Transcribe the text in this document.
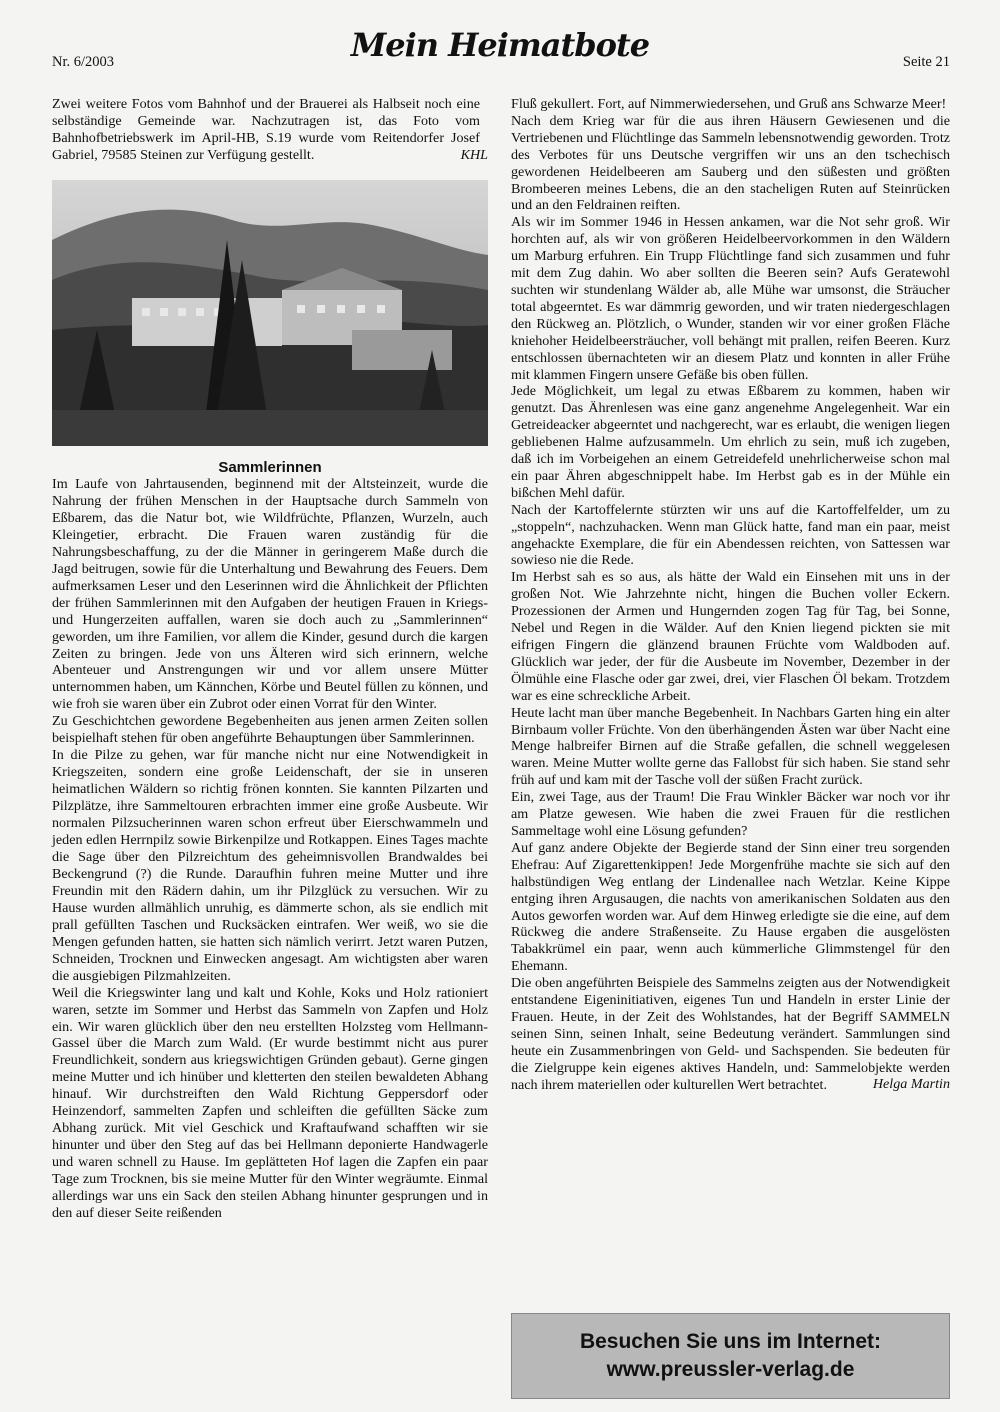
Nr. 6/2003	Mein Heimatbote	Seite 21
Zwei weitere Fotos vom Bahnhof und der Brauerei als Halbseit noch eine selbständige Gemeinde war. Nachzutragen ist, das Foto vom Bahnhofbetriebswerk im April-HB, S.19 wurde vom Reitendorfer Josef Gabriel, 79585 Steinen zur Verfügung gestellt.	KHL
Sammlerinnen

Im Laufe von Jahrtausenden, beginnend mit der Altsteinzeit, wurde die Nahrung der frühen Menschen in der Hauptsache durch Sammeln von Eßbarem, das die Natur bot, wie Wildfrüchte, Pflanzen, Wurzeln, auch Kleingetier, erbracht. Die Frauen waren zuständig für die Nahrungsbeschaffung, zu der die Männer in geringerem Maße durch die Jagd beitrugen, sowie für die Unterhaltung und Bewahrung des Feuers. Dem aufmerksamen Leser und den Leserinnen wird die Ähnlichkeit der Pflichten der frühen Sammlerinnen mit den Aufgaben der heutigen Frauen in Kriegs- und Hungerzeiten auffallen, waren sie doch auch zu „Sammlerinnen“ geworden, um ihre Familien, vor allem die Kinder, gesund durch die kargen Zeiten zu bringen. Jede von uns Älteren wird sich erinnern, welche Abenteuer und Anstrengungen wir und vor allem unsere Mütter unternommen haben, um Kännchen, Körbe und Beutel füllen zu können, und wie froh sie waren über ein Zubrot oder einen Vorrat für den Winter.

Zu Geschichtchen gewordene Begebenheiten aus jenen armen Zeiten sollen beispielhaft stehen für oben angeführte Behauptungen über Sammlerinnen.

In die Pilze zu gehen, war für manche nicht nur eine Notwendigkeit in Kriegszeiten, sondern eine große Leidenschaft, der sie in unseren heimatlichen Wäldern so richtig frönen konnten. Sie kannten Pilzarten und Pilzplätze, ihre Sammeltouren erbrachten immer eine große Ausbeute. Wir normalen Pilzsucherinnen waren schon erfreut über Eierschwammeln und jeden edlen Herrnpilz sowie Birkenpilze und Rotkappen. Eines Tages machte die Sage über den Pilzreichtum des geheimnisvollen Brandwaldes bei Beckengrund (?) die Runde. Daraufhin fuhren meine Mutter und ihre Freundin mit den Rädern dahin, um ihr Pilzglück zu versuchen. Wir zu Hause wurden allmählich unruhig, es dämmerte schon, als sie endlich mit prall gefüllten Taschen und Rucksäcken eintrafen. Wer weiß, wo sie die Mengen gefunden hatten, sie hatten sich nämlich verirrt. Jetzt waren Putzen, Schneiden, Trocknen und Einwecken angesagt. Am wichtigsten aber waren die ausgiebigen Pilzmahlzeiten.

Weil die Kriegswinter lang und kalt und Kohle, Koks und Holz rationiert waren, setzte im Sommer und Herbst das Sammeln von Zapfen und Holz ein. Wir waren glücklich über den neu erstellten Holzsteg vom Hellmann-Gassel über die March zum Wald. (Er wurde bestimmt nicht aus purer Freundlichkeit, sondern aus kriegswichtigen Gründen gebaut). Gerne gingen meine Mutter und ich hinüber und kletterten den steilen bewaldeten Abhang hinauf. Wir durchstreiften den Wald Richtung Geppersdorf oder Heinzendorf, sammelten Zapfen und schleiften die gefüllten Säcke zum Abhang zurück. Mit viel Geschick und Kraftaufwand schafften wir sie hinunter und über den Steg auf das bei Hellmann deponierte Handwagerle und waren schnell zu Hause. Im geplätteten Hof lagen die Zapfen ein paar Tage zum Trocknen, bis sie meine Mutter für den Winter wegräumte. Einmal allerdings war uns ein Sack den steilen Abhang hinunter gesprungen und in den auf dieser Seite reißenden

Fluß gekullert. Fort, auf Nimmerwiedersehen, und Gruß ans Schwarze Meer!

Nach dem Krieg war für die aus ihren Häusern Gewiesenen und die Vertriebenen und Flüchtlinge das Sammeln lebensnotwendig geworden. Trotz des Verbotes für uns Deutsche vergriffen wir uns an den tschechisch gewordenen Heidelbeeren am Sauberg und den süßesten und größten Brombeeren meines Lebens, die an den stacheligen Ruten auf Steinrücken und an den Feldrainen reiften.

Als wir im Sommer 1946 in Hessen ankamen, war die Not sehr groß. Wir horchten auf, als wir von größeren Heidelbeervorkommen in den Wäldern um Marburg erfuhren. Ein Trupp Flüchtlinge fand sich zusammen und fuhr mit dem Zug dahin. Wo aber sollten die Beeren sein? Aufs Geratewohl suchten wir stundenlang Wälder ab, alle Mühe war umsonst, die Sträucher total abgeerntet. Es war dämmrig geworden, und wir traten niedergeschlagen den Rückweg an. Plötzlich, o Wunder, standen wir vor einer großen Fläche kniehoher Heidelbeersträucher, voll behängt mit prallen, reifen Beeren. Kurz entschlossen übernachteten wir an diesem Platz und konnten in aller Frühe mit klammen Fingern unsere Gefäße bis oben füllen.

Jede Möglichkeit, um legal zu etwas Eßbarem zu kommen, haben wir genutzt. Das Ährenlesen was eine ganz angenehme Angelegenheit. War ein Getreideacker abgeerntet und nachgerecht, war es erlaubt, die wenigen liegen gebliebenen Halme aufzusammeln. Um ehrlich zu sein, muß ich zugeben, daß ich im Vorbeigehen an einem Getreidefeld unehrlicherweise schon mal ein paar Ähren abgeschnippelt habe. Im Herbst gab es in der Mühle ein bißchen Mehl dafür.

Nach der Kartoffelernte stürzten wir uns auf die Kartoffelfelder, um zu „stoppeln“, nachzuhacken. Wenn man Glück hatte, fand man ein paar, meist angehackte Exemplare, die für ein Abendessen reichten, von Sattessen war sowieso nie die Rede.

Im Herbst sah es so aus, als hätte der Wald ein Einsehen mit uns in der großen Not. Wie Jahrzehnte nicht, hingen die Buchen voller Eckern. Prozessionen der Armen und Hungernden zogen Tag für Tag, bei Sonne, Nebel und Regen in die Wälder. Auf den Knien liegend pickten sie mit eifrigen Fingern die glänzend braunen Früchte vom Waldboden auf. Glücklich war jeder, der für die Ausbeute im November, Dezember in der Ölmühle eine Flasche oder gar zwei, drei, vier Flaschen Öl bekam. Trotzdem war es eine schreckliche Arbeit.

Heute lacht man über manche Begebenheit. In Nachbars Garten hing ein alter Birnbaum voller Früchte. Von den überhängenden Ästen war über Nacht eine Menge halbreifer Birnen auf die Straße gefallen, die schnell weggelesen waren. Meine Mutter wollte gerne das Fallobst für sich haben. Sie stand sehr früh auf und kam mit der Tasche voll der süßen Fracht zurück.

Ein, zwei Tage, aus der Traum! Die Frau Winkler Bäcker war noch vor ihr am Platze gewesen. Wie haben die zwei Frauen für die restlichen Sammeltage wohl eine Lösung gefunden?

Auf ganz andere Objekte der Begierde stand der Sinn einer treu sorgenden Ehefrau: Auf Zigarettenkippen! Jede Morgenfrühe machte sie sich auf den halbstündigen Weg entlang der Lindenallee nach Wetzlar. Keine Kippe entging ihren Argusaugen, die nachts von amerikanischen Soldaten aus den Autos geworfen worden war. Auf dem Hinweg erledigte sie die eine, auf dem Rückweg die andere Straßenseite. Zu Hause ergaben die ausgelösten Tabakkrümel ein paar, wenn auch kümmerliche Glimmstengel für den Ehemann.

Die oben angeführten Beispiele des Sammelns zeigten aus der Notwendigkeit entstandene Eigeninitiativen, eigenes Tun und Handeln in erster Linie der Frauen. Heute, in der Zeit des Wohlstandes, hat der Begriff SAMMELN seinen Sinn, seinen Inhalt, seine Bedeutung verändert. Sammlungen sind heute ein Zusammenbringen von Geld- und Sachspenden. Sie bedeuten für die Zielgruppe kein eigenes aktives Handeln, und: Sammelobjekte werden nach ihrem materiellen oder kulturellen Wert betrachtet.	Helga Martin

Besuchen Sie uns im Internet:
www.preussler-verlag.de
